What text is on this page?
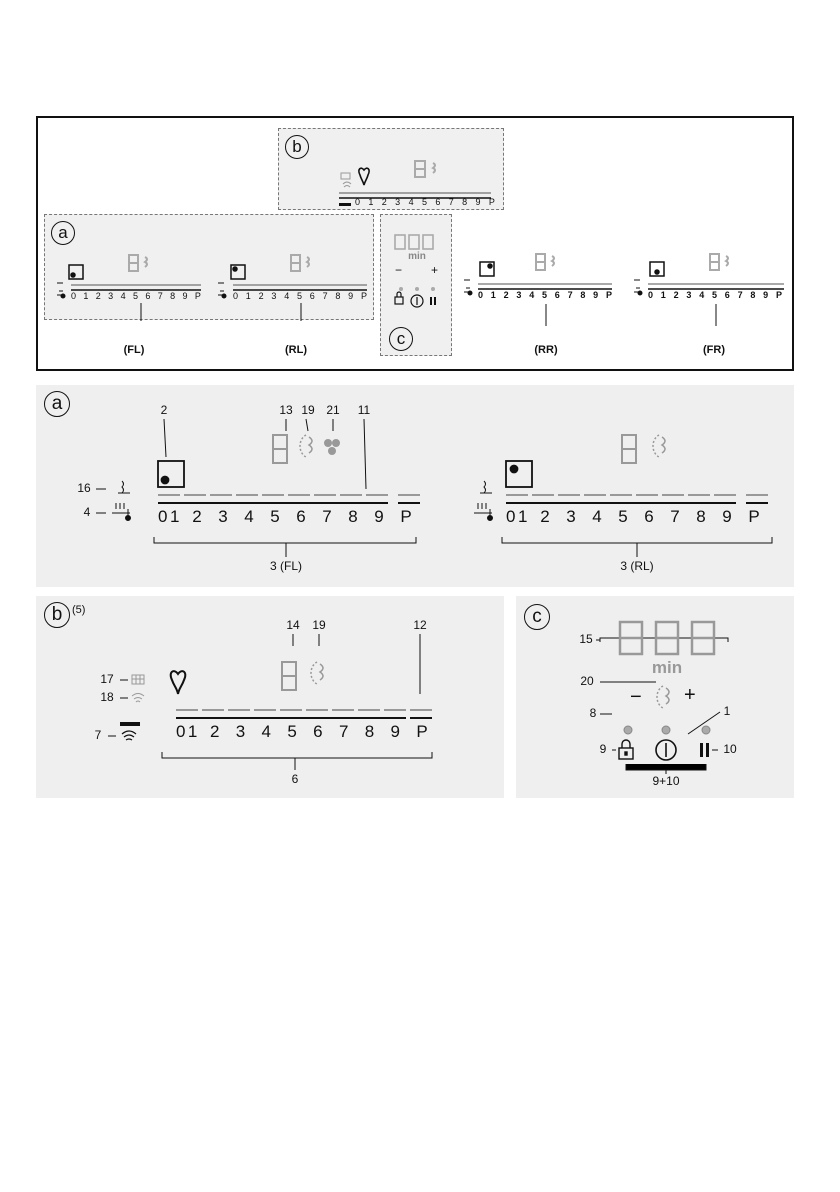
b
0 1 2 3 4 5 6 7 8 9 P
a
0 1 2 3 4 5 6 7 8 9 P	0 1 2 3 4 5 6 7 8 9 P
(FL)	(RL)
min
− +
c
0 1 2 3 4 5 6 7 8 9 P
(RR)
0 1 2 3 4 5 6 7 8 9 P
(FR)
a	2	13 19 21	11
16
4	0 1 2 3 4 5 6 7 8 9 P	0 1 2 3 4 5 6 7 8 9 P
3 (FL)	3 (RL)
b (5)
14	19	12
17
18
7	0 1 2 3 4 5 6 7 8 9 P
6
c
min
− +
15
20
8	1
9	10
9+10
